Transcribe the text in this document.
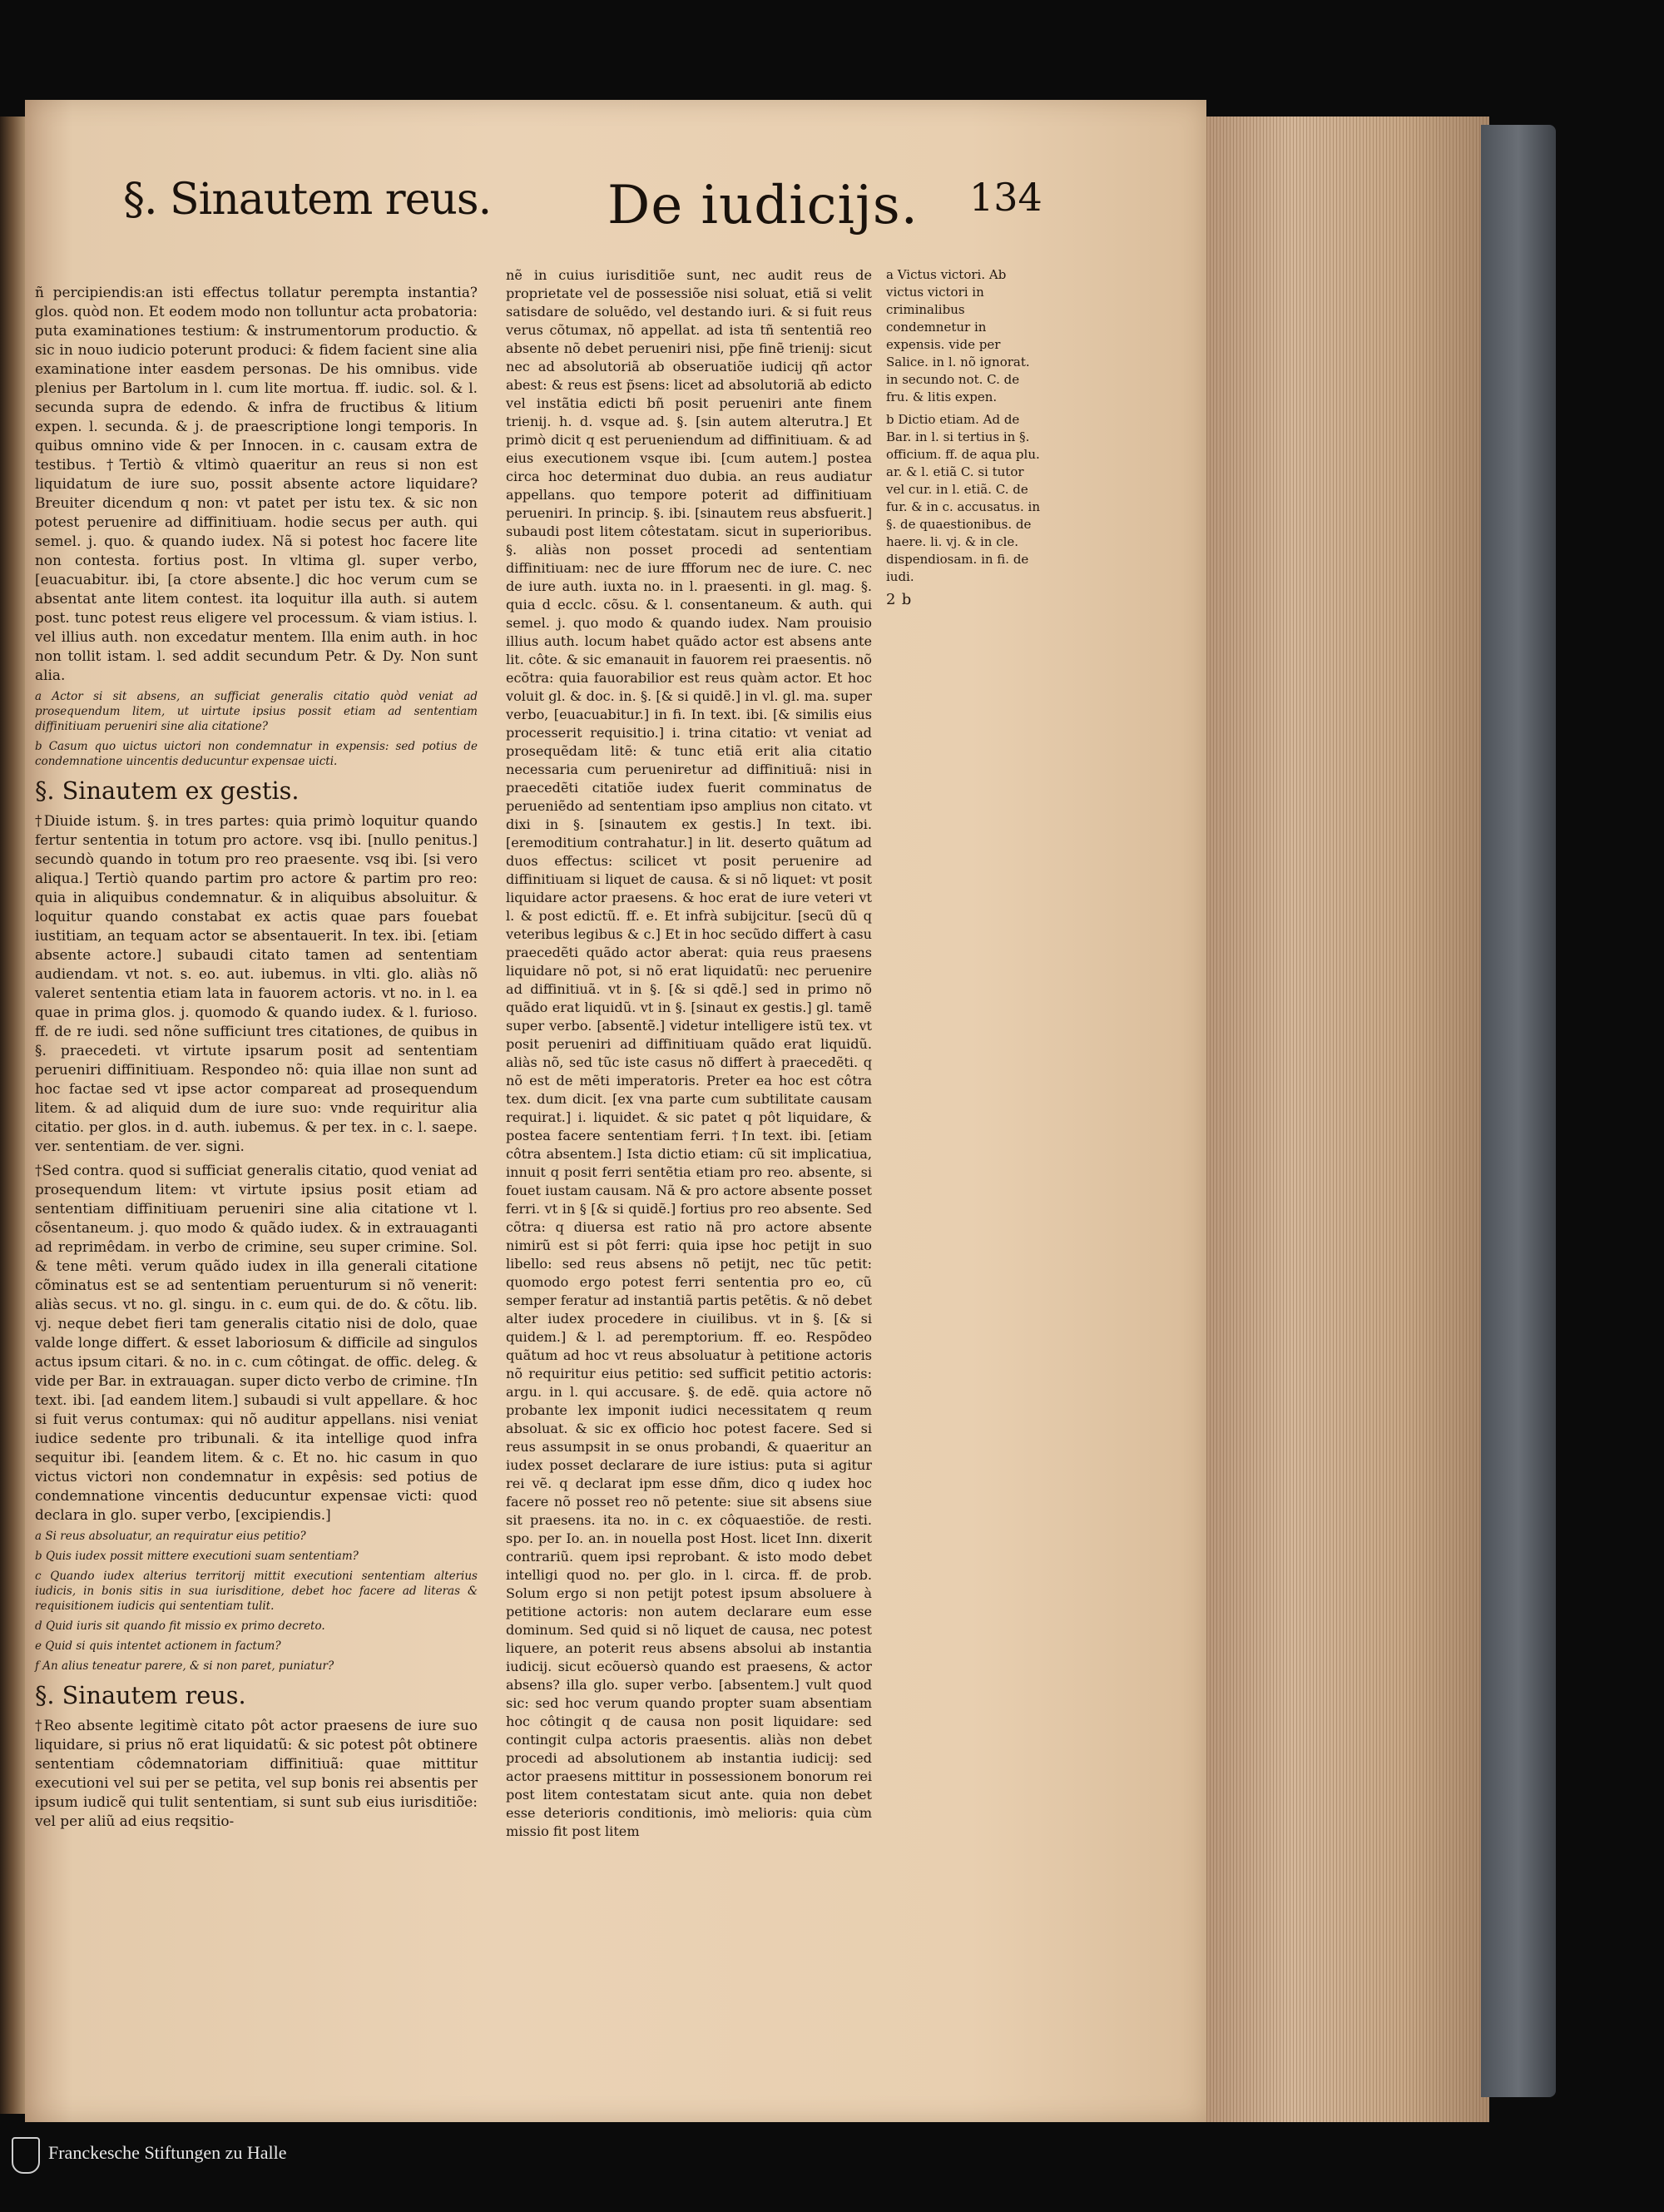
§. Sinautem reus. De iudicijs. 134

ñ percipiendis:an isti effectus tollatur perempta instantia? glos. quòd non. Et eodem modo non tolluntur acta probatoria: puta examinationes testium: & instrumentorum productio. & sic in nouo iudicio poterunt produci: & fidem facient sine alia examinatione inter easdem personas. De his omnibus. vide plenius per Bartolum in l. cum lite mortua. ff. iudic. sol. & l. secunda supra de edendo. & infra de fructibus & litium expen. l. secunda. & j. de praescriptione longi temporis. In quibus omnino vide & per Innocen. in c. causam extra de testibus. †Tertiò & vltimò quaeritur an reus si non est liquidatum de iure suo, possit absente actore liquidare? Breuiter dicendum q non: vt patet per istu tex. & sic non potest peruenire ad diffinitiuam. hodie secus per auth. qui semel. j. quo. & quando iudex. Nã si potest hoc facere lite non contesta. fortius post. In vltima gl. super verbo, [euacuabitur. ibi, [a ctore absente.] dic hoc verum cum se absentat ante litem contest. ita loquitur illa auth. si autem post. tunc potest reus eligere vel processum. & viam istius. l. vel illius auth. non excedatur mentem. Illa enim auth. in hoc non tollit istam. l. sed addit secundum Petr. & Dy. Non sunt alia.

a Actor si sit absens, an sufficiat generalis citatio quòd veniat ad prosequendum litem, ut uirtute ipsius possit etiam ad sententiam diffinitiuam perueniri sine alia citatione?

b Casum quo uictus uictori non condemnatur in expensis: sed potius de condemnatione uincentis deducuntur expensae uicti.

§. Sinautem ex gestis.

†Diuide istum. §. in tres partes: quia primò loquitur quando fertur sententia in totum pro actore. vsq ibi. [nullo penitus.] secundò quando in totum pro reo praesente. vsq ibi. [si vero aliqua.] Tertiò quando partim pro actore & partim pro reo: quia in aliquibus condemnatur. & in aliquibus absoluitur. & loquitur quando constabat ex actis quae pars fouebat iustitiam, an tequam actor se absentauerit. In tex. ibi. [etiam absente actore.] subaudi citato tamen ad sententiam audiendam. vt not. s. eo. aut. iubemus. in vlti. glo. aliàs nõ valeret sententia etiam lata in fauorem actoris. vt no. in l. ea quae in prima glos. j. quomodo & quando iudex. & l. furioso. ff. de re iudi. sed nõne sufficiunt tres citationes, de quibus in §. praecedeti. vt virtute ipsarum posit ad sententiam perueniri diffinitiuam. Respondeo nõ: quia illae non sunt ad hoc factae sed vt ipse actor compareat ad prosequendum litem. & ad aliquid dum de iure suo: vnde requiritur alia citatio. per glos. in d. auth. iubemus. & per tex. in c. l. saepe. ver. sententiam. de ver. signi.

†Sed contra. quod si sufficiat generalis citatio, quod veniat ad prosequendum litem: vt virtute ipsius posit etiam ad sententiam diffinitiuam perueniri sine alia citatione vt l. cõsentaneum. j. quo modo & quãdo iudex. & in extrauaganti ad reprimêdam. in verbo de crimine, seu super crimine. Sol. & tene mêti. verum quãdo iudex in illa generali citatione cõminatus est se ad sententiam peruenturum si nõ venerit: aliàs secus. vt no. gl. singu. in c. eum qui. de do. & cõtu. lib. vj. neque debet fieri tam generalis citatio nisi de dolo, quae valde longe differt. & esset laboriosum & difficile ad singulos actus ipsum citari. & no. in c. cum côtingat. de offic. deleg. & vide per Bar. in extrauagan. super dicto verbo de crimine. †In text. ibi. [ad eandem litem.] subaudi si vult appellare. & hoc si fuit verus contumax: qui nõ auditur appellans. nisi veniat iudice sedente pro tribunali. & ita intellige quod infra sequitur ibi. [eandem litem. & c. Et no. hic casum in quo victus victori non condemnatur in expêsis: sed potius de condemnatione vincentis deducuntur expensae victi: quod declara in glo. super verbo, [excipiendis.]

a Si reus absoluatur, an requiratur eius petitio?

b Quis iudex possit mittere executioni suam sententiam?

c Quando iudex alterius territorij mittit executioni sententiam alterius iudicis, in bonis sitis in sua iurisditione, debet hoc facere ad literas & requisitionem iudicis qui sententiam tulit.

d Quid iuris sit quando fit missio ex primo decreto.

e Quid si quis intentet actionem in factum?

f An alius teneatur parere, & si non paret, puniatur?

§. Sinautem reus.

†Reo absente legitimè citato pôt actor praesens de iure suo liquidare, si prius nõ erat liquidatũ: & sic potest pôt obtinere sententiam côdemnatoriam diffinitiuã: quae mittitur executioni vel sui per se petita, vel sup bonis rei absentis per ipsum iudicẽ qui tulit sententiam, si sunt sub eius iurisditiõe: vel per aliũ ad eius reqsitio-

nẽ in cuius iurisditiõe sunt, nec audit reus de proprietate vel de possessiõe nisi soluat, etiã si velit satisdare de soluẽdo, vel destando iuri. & si fuit reus verus cõtumax, nõ appellat. ad ista tñ sententiã reo absente nõ debet perueniri nisi, pp̃e finẽ trienij: sicut nec ad absolutoriã ab obseruatiõe iudicij qñ actor abest: & reus est p̃sens: licet ad absolutoriã ab edicto vel instãtia edicti bñ posit perueniri ante finem trienij. h. d. vsque ad. §. [sin autem alterutra.] Et primò dicit q est perueniendum ad diffinitiuam. & ad eius executionem vsque ibi. [cum autem.] postea circa hoc determinat duo dubia. an reus audiatur appellans. quo tempore poterit ad diffinitiuam perueniri. In princip. §. ibi. [sinautem reus absfuerit.] subaudi post litem côtestatam. sicut in superioribus. §. aliàs non posset procedi ad sententiam diffinitiuam: nec de iure ffforum nec de iure. C. nec de iure auth. iuxta no. in l. praesenti. in gl. mag. §. quia d ecclc. cõsu. & l. consentaneum. & auth. qui semel. j. quo modo & quando iudex. Nam prouisio illius auth. locum habet quãdo actor est absens ante lit. côte. & sic emanauit in fauorem rei praesentis. nõ ecõtra: quia fauorabilior est reus quàm actor. Et hoc voluit gl. & doc. in. §. [& si quidẽ.] in vl. gl. ma. super verbo, [euacuabitur.] in fi. In text. ibi. [& similis eius processerit requisitio.] i. trina citatio: vt veniat ad prosequẽdam litẽ: & tunc etiã erit alia citatio necessaria cum perueniretur ad diffinitiuã: nisi in praecedẽti citatiõe iudex fuerit comminatus de perueniẽdo ad sententiam ipso amplius non citato. vt dixi in §. [sinautem ex gestis.] In text. ibi. [eremoditium contrahatur.] in lit. deserto quãtum ad duos effectus: scilicet vt posit peruenire ad diffinitiuam si liquet de causa. & si nõ liquet: vt posit liquidare actor praesens. & hoc erat de iure veteri vt l. & post edictũ. ff. e. Et infrà subijcitur. [secũ dũ q veteribus legibus & c.] Et in hoc secũdo differt à casu praecedẽti quãdo actor aberat: quia reus praesens liquidare nõ pot, si nõ erat liquidatũ: nec peruenire ad diffinitiuã. vt in §. [& si qdẽ.] sed in primo nõ quãdo erat liquidũ. vt in §. [sinaut ex gestis.] gl. tamẽ super verbo. [absentẽ.] videtur intelligere istũ tex. vt posit perueniri ad diffinitiuam quãdo erat liquidũ. aliàs nõ, sed tũc iste casus nõ differt à praecedẽti. q nõ est de mẽti imperatoris. Preter ea hoc est côtra tex. dum dicit. [ex vna parte cum subtilitate causam requirat.] i. liquidet. & sic patet q pôt liquidare, & postea facere sententiam ferri. †In text. ibi. [etiam côtra absentem.] Ista dictio etiam: cũ sit implicatiua, innuit q posit ferri sentẽtia etiam pro reo. absente, si fouet iustam causam. Nã & pro actore absente posset ferri. vt in § [& si quidẽ.] fortius pro reo absente. Sed cõtra: q diuersa est ratio nã pro actore absente nimirũ est si pôt ferri: quia ipse hoc petijt in suo libello: sed reus absens nõ petijt, nec tũc petit: quomodo ergo potest ferri sententia pro eo, cũ semper feratur ad instantiã partis petẽtis. & nõ debet alter iudex procedere in ciuilibus. vt in §. [& si quidem.] & l. ad peremptorium. ff. eo. Respõdeo quãtum ad hoc vt reus absoluatur à petitione actoris nõ requiritur eius petitio: sed sufficit petitio actoris: argu. in l. qui accusare. §. de edẽ. quia actore nõ probante lex imponit iudici necessitatem q reum absoluat. & sic ex officio hoc potest facere. Sed si reus assumpsit in se onus probandi, & quaeritur an iudex posset declarare de iure istius: puta si agitur rei vẽ. q declarat ipm esse dñm, dico q iudex hoc facere nõ posset reo nõ petente: siue sit absens siue sit praesens. ita no. in c. ex côquaestiõe. de resti. spo. per Io. an. in nouella post Host. licet Inn. dixerit contrariũ. quem ipsi reprobant. & isto modo debet intelligi quod no. per glo. in l. circa. ff. de prob. Solum ergo si non petijt potest ipsum absoluere à petitione actoris: non autem declarare eum esse dominum. Sed quid si nõ liquet de causa, nec potest liquere, an poterit reus absens absolui ab instantia iudicij. sicut ecõuersò quando est praesens, & actor absens? illa glo. super verbo. [absentem.] vult quod sic: sed hoc verum quando propter suam absentiam hoc côtingit q de causa non posit liquidare: sed contingit culpa actoris praesentis. aliàs non debet procedi ad absolutionem ab instantia iudicij: sed actor praesens mittitur in possessionem bonorum rei post litem contestatam sicut ante. quia non debet esse deterioris conditionis, imò melioris: quia cùm missio fit post litem

a Victus victori. Ab victus victori in criminalibus condemnetur in expensis. vide per Salice. in l. nõ ignorat. in secundo not. C. de fru. & litis expen.

b Dictio etiam. Ad de Bar. in l. si tertius in §. officium. ff. de aqua plu. ar. & l. etiã C. si tutor vel cur. in l. etiã. C. de fur. & in c. accusatus. in §. de quaestionibus. de haere. li. vj. & in cle. dispendiosam. in fi. de iudi.

2 b

Franckesche Stiftungen zu Halle
